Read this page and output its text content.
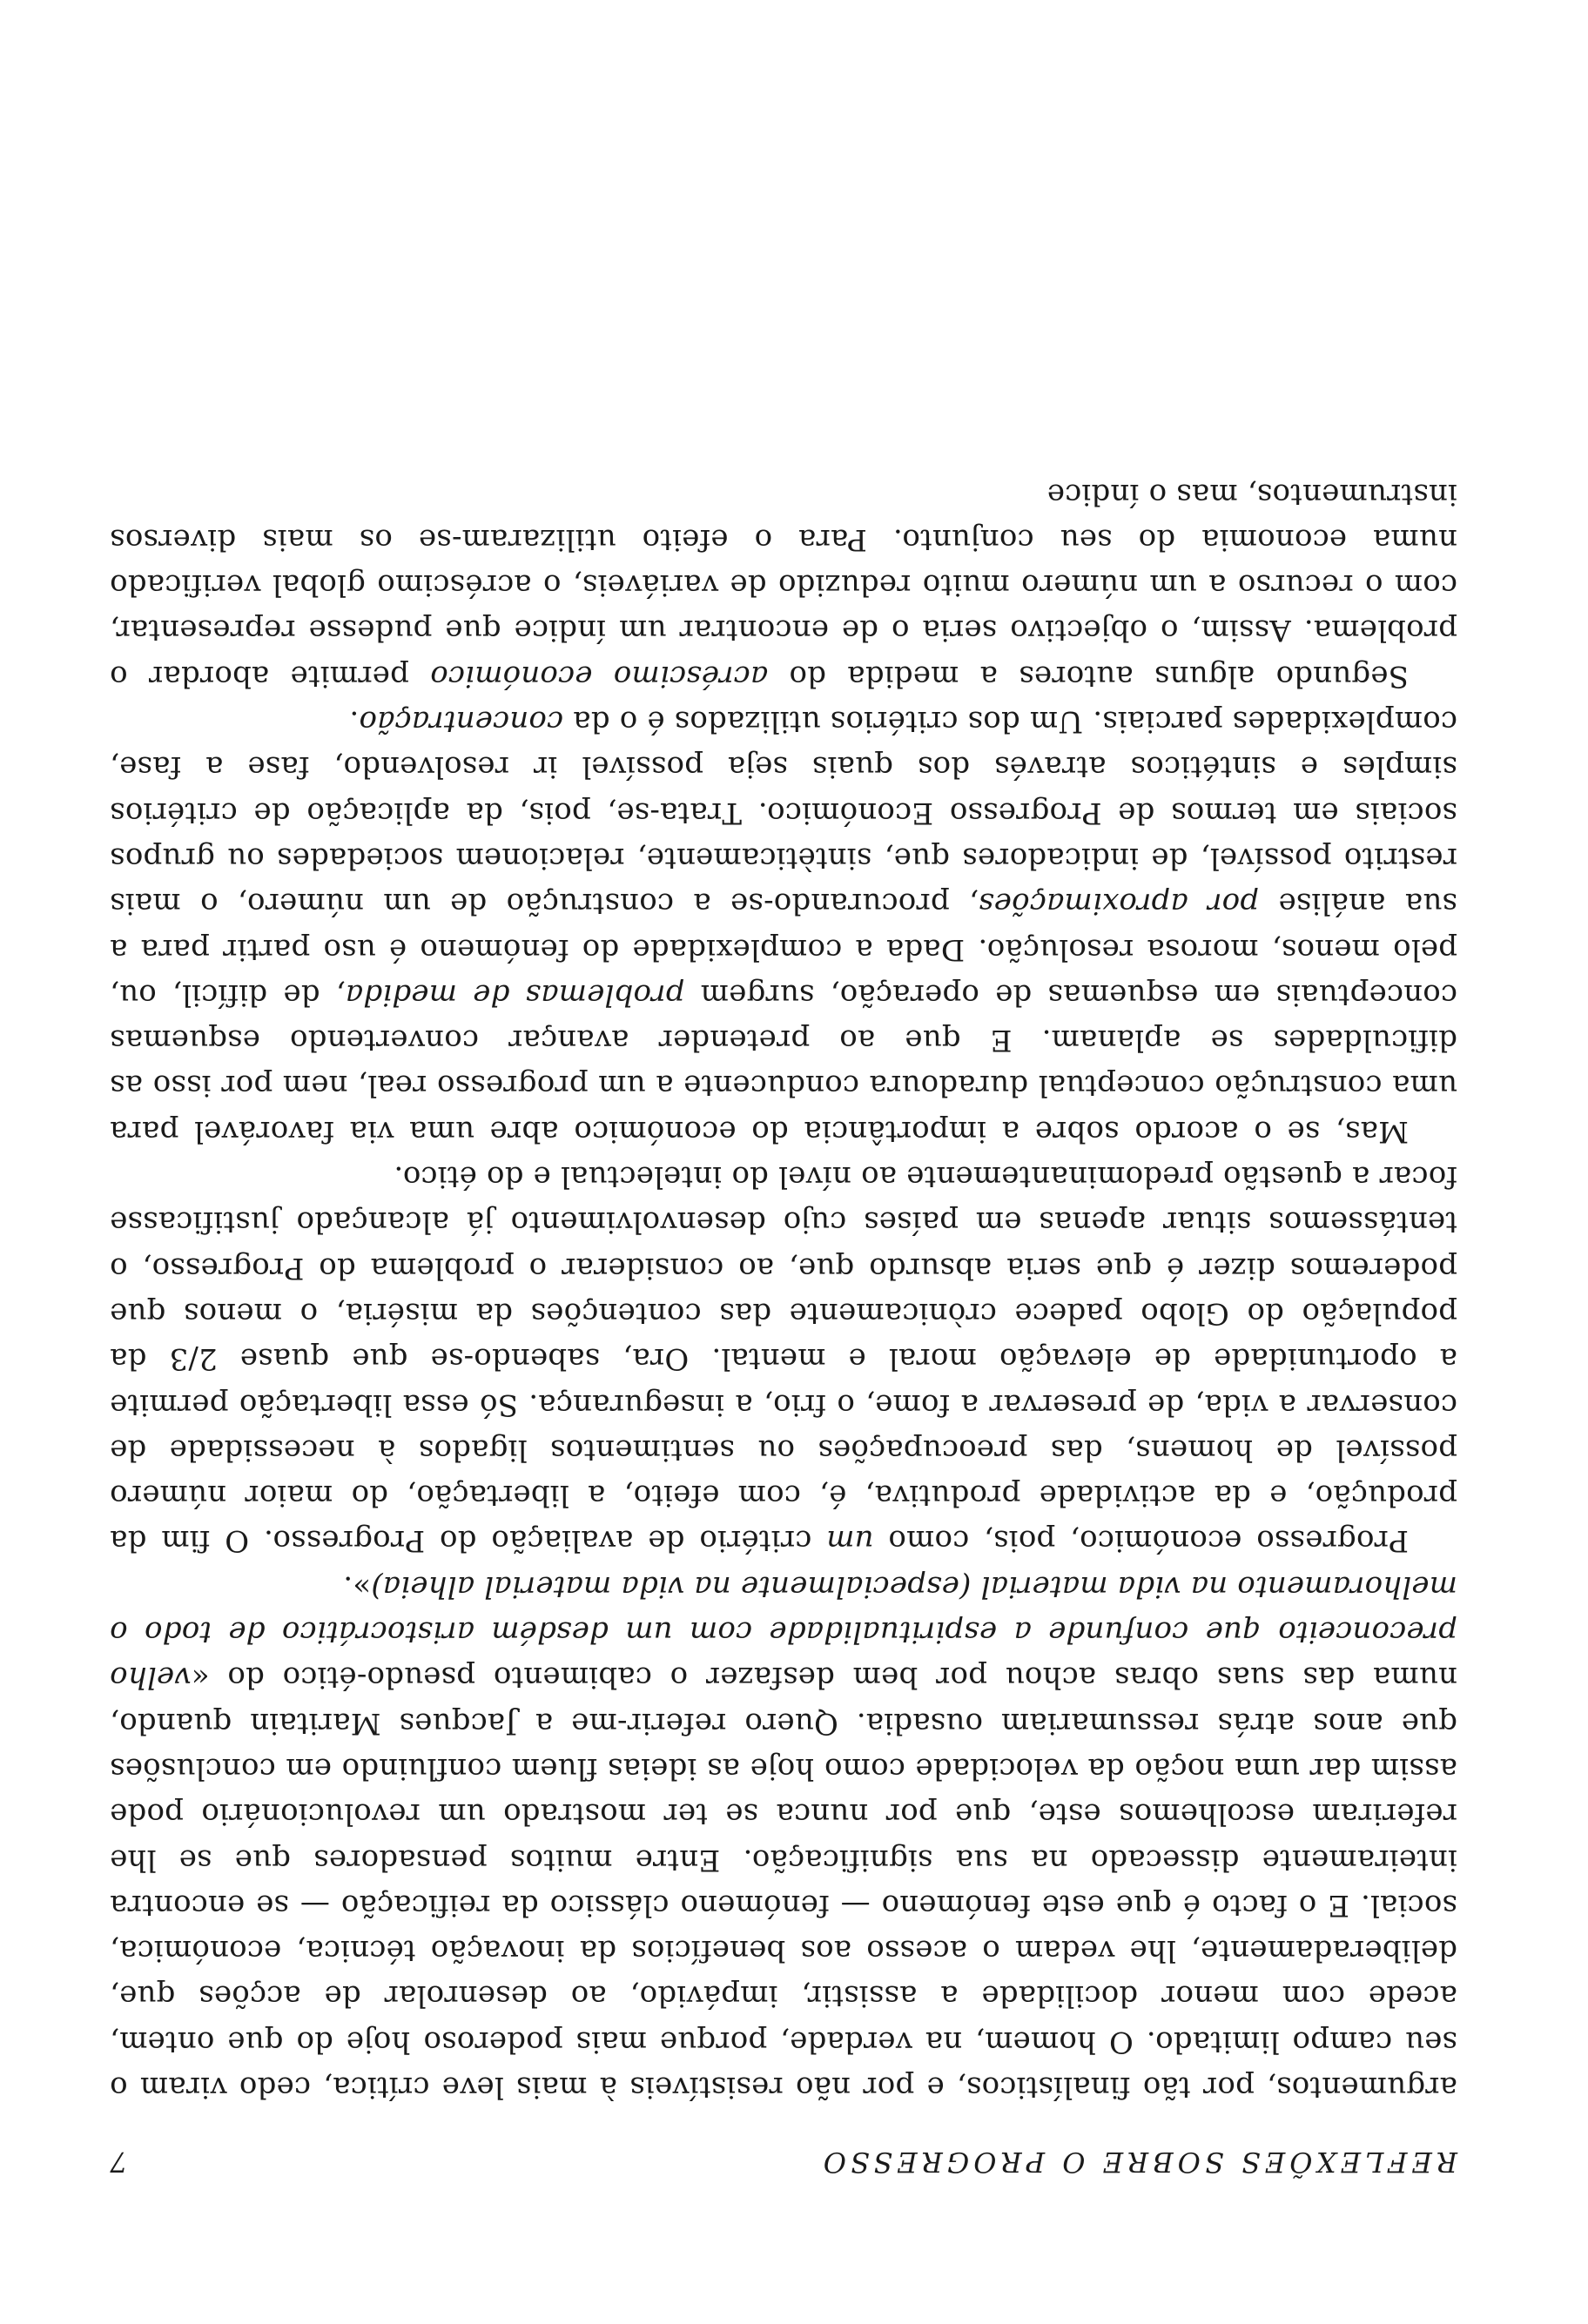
REFLEXÕES SOBRE O PROGRESSO
7

argumentos, por tão finalísticos, e por não resistíveis à mais leve crítica, cedo viram o seu campo limitado. O homem, na verdade, porque mais poderoso hoje do que ontem, acede com menor docilidade a assistir, impávido, ao desenrolar de acções que, deliberadamente, lhe vedam o acesso aos benefícios da inovação técnica, económica, social. E o facto é que este fenómeno — fenómeno clássico da reificação — se encontra inteiramente dissecado na sua significação. Entre muitos pensadores que se lhe referiram escolhemos este, que por nunca se ter mostrado um revolucionário pode assim dar uma noção da velocidade como hoje as ideias fluem confluindo em conclusões que anos atrás ressumariam ousadia. Quero referir-me a Jacques Maritain quando, numa das suas obras achou por bem desfazer o cabimento pseudo-ético do «velho preconceito que confunde a espiritualidade com um desdém aristocrático de todo o melhoramento na vida material (especialmente na vida material alheia)».

Progresso económico, pois, como um critério de avaliação do Progresso. O fim da produção, e da actividade produtiva, é, com efeito, a libertação, do maior número possível de homens, das preocupações ou sentimentos ligados à necessidade de conservar a vida, de preservar a fome, o frio, a insegurança. Só essa libertação permite a oportunidade de elevação moral e mental. Ora, sabendo-se que quase 2/3 da população do Globo padece crònicamente das contenções da miséria, o menos que poderemos dizer é que seria absurdo que, ao considerar o problema do Progresso, o tentássemos situar apenas em países cujo desenvolvimento já alcançado justificasse focar a questão predominantemente ao nível do intelectual e do ético.

Mas, se o acordo sobre a importância do económico abre uma via favorável para uma construção conceptual duradoura conducente a um progresso real, nem por isso as dificuldades se aplanam. E que ao pretender avançar convertendo esquemas conceptuais em esquemas de operação, surgem problemas de medida, de difícil, ou, pelo menos, morosa resolução. Dada a complexidade do fenómeno é uso partir para a sua análise por aproximações, procurando-se a construção de um número, o mais restrito possível, de indicadores que, sintèticamente, relacionem sociedades ou grupos sociais em termos de Progresso Económico. Trata-se, pois, da aplicação de critérios simples e sintéticos através dos quais seja possível ir resolvendo, fase a fase, complexidades parciais. Um dos critérios utilizados é o da concentração.

Segundo alguns autores a medida do acréscimo económico permite abordar o problema. Assim, o objectivo seria o de encontrar um índice que pudesse representar, com o recurso a um número muito reduzido de variáveis, o acréscimo global verificado numa economia do seu conjunto. Para o efeito utilizaram-se os mais diversos instrumentos, mas o índice
